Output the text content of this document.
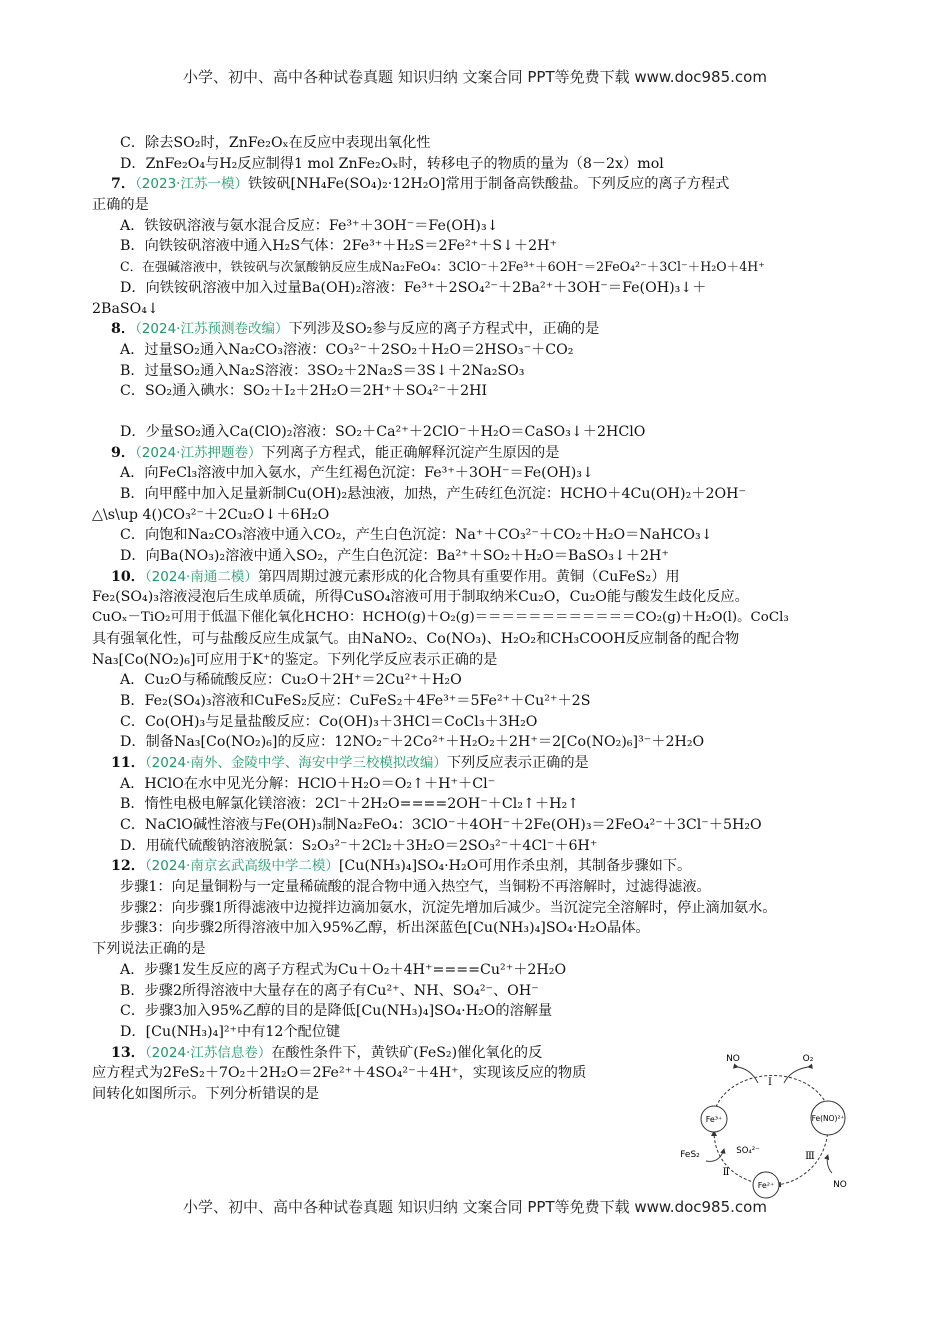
小学、初中、高中各种试卷真题 知识归纳 文案合同 PPT等免费下载 www.doc985.com
C．除去SO₂时，ZnFe₂Oₓ在反应中表现出氧化性
D．ZnFe₂O₄与H₂反应制得1 mol ZnFe₂Oₓ时，转移电子的物质的量为（8－2x）mol
7．（2023·江苏一模）铁铵矾[NH₄Fe(SO₄)₂·12H₂O]常用于制备高铁酸盐。下列反应的离子方程式
正确的是
A．铁铵矾溶液与氨水混合反应：Fe³⁺＋3OH⁻＝Fe(OH)₃↓
B．向铁铵矾溶液中通入H₂S气体：2Fe³⁺＋H₂S＝2Fe²⁺＋S↓＋2H⁺
C．在强碱溶液中，铁铵矾与次氯酸钠反应生成Na₂FeO₄：3ClO⁻＋2Fe³⁺＋6OH⁻＝2FeO₄²⁻＋3Cl⁻＋H₂O＋4H⁺
D．向铁铵矾溶液中加入过量Ba(OH)₂溶液：Fe³⁺＋2SO₄²⁻＋2Ba²⁺＋3OH⁻＝Fe(OH)₃↓＋
2BaSO₄↓
8．（2024·江苏预测卷改编）下列涉及SO₂参与反应的离子方程式中，正确的是
A．过量SO₂通入Na₂CO₃溶液：CO₃²⁻＋2SO₂＋H₂O＝2HSO₃⁻＋CO₂
B．过量SO₂通入Na₂S溶液：3SO₂＋2Na₂S＝3S↓＋2Na₂SO₃
C．SO₂通入碘水：SO₂＋I₂＋2H₂O＝2H⁺＋SO₄²⁻＋2HI
D．少量SO₂通入Ca(ClO)₂溶液：SO₂＋Ca²⁺＋2ClO⁻＋H₂O＝CaSO₃↓＋2HClO
9．（2024·江苏押题卷）下列离子方程式，能正确解释沉淀产生原因的是
A．向FeCl₃溶液中加入氨水，产生红褐色沉淀：Fe³⁺＋3OH⁻＝Fe(OH)₃↓
B．向甲醛中加入足量新制Cu(OH)₂悬浊液，加热，产生砖红色沉淀：HCHO＋4Cu(OH)₂＋2OH⁻
△\s\up 4()CO₃²⁻＋2Cu₂O↓＋6H₂O
C．向饱和Na₂CO₃溶液中通入CO₂，产生白色沉淀：Na⁺＋CO₃²⁻＋CO₂＋H₂O＝NaHCO₃↓
D．向Ba(NO₃)₂溶液中通入SO₂，产生白色沉淀：Ba²⁺＋SO₂＋H₂O＝BaSO₃↓＋2H⁺
10．（2024·南通二模）第四周期过渡元素形成的化合物具有重要作用。黄铜（CuFeS₂）用
Fe₂(SO₄)₃溶液浸泡后生成单质硫，所得CuSO₄溶液可用于制取纳米Cu₂O，Cu₂O能与酸发生歧化反应。
CuOₓ－TiO₂可用于低温下催化氧化HCHO：HCHO(g)＋O₂(g)＝＝＝＝＝＝＝＝＝＝＝＝CO₂(g)＋H₂O(l)。CoCl₃
具有强氧化性，可与盐酸反应生成氯气。由NaNO₂、Co(NO₃)、H₂O₂和CH₃COOH反应制备的配合物
Na₃[Co(NO₂)₆]可应用于K⁺的鉴定。下列化学反应表示正确的是
A．Cu₂O与稀硫酸反应：Cu₂O＋2H⁺＝2Cu²⁺＋H₂O
B．Fe₂(SO₄)₃溶液和CuFeS₂反应：CuFeS₂＋4Fe³⁺＝5Fe²⁺＋Cu²⁺＋2S
C．Co(OH)₃与足量盐酸反应：Co(OH)₃＋3HCl＝CoCl₃＋3H₂O
D．制备Na₃[Co(NO₂)₆]的反应：12NO₂⁻＋2Co²⁺＋H₂O₂＋2H⁺＝2[Co(NO₂)₆]³⁻＋2H₂O
11．（2024·南外、金陵中学、海安中学三校模拟改编）下列反应表示正确的是
A．HClO在水中见光分解：HClO＋H₂O＝O₂↑＋H⁺＋Cl⁻
B．惰性电极电解氯化镁溶液：2Cl⁻＋2H₂O====2OH⁻＋Cl₂↑＋H₂↑
C．NaClO碱性溶液与Fe(OH)₃制Na₂FeO₄：3ClO⁻＋4OH⁻＋2Fe(OH)₃＝2FeO₄²⁻＋3Cl⁻＋5H₂O
D．用硫代硫酸钠溶液脱氯：S₂O₃²⁻＋2Cl₂＋3H₂O＝2SO₃²⁻＋4Cl⁻＋6H⁺
12．（2024·南京玄武高级中学二模）[Cu(NH₃)₄]SO₄·H₂O可用作杀虫剂，其制备步骤如下。
步骤1：向足量铜粉与一定量稀硫酸的混合物中通入热空气，当铜粉不再溶解时，过滤得滤液。
步骤2：向步骤1所得滤液中边搅拌边滴加氨水，沉淀先增加后减少。当沉淀完全溶解时，停止滴加氨水。
步骤3：向步骤2所得溶液中加入95%乙醇，析出深蓝色[Cu(NH₃)₄]SO₄·H₂O晶体。
下列说法正确的是
A．步骤1发生反应的离子方程式为Cu＋O₂＋4H⁺====Cu²⁺＋2H₂O
B．步骤2所得溶液中大量存在的离子有Cu²⁺、NH、SO₄²⁻、OH⁻
C．步骤3加入95%乙醇的目的是降低[Cu(NH₃)₄]SO₄·H₂O的溶解量
D．[Cu(NH₃)₄]²⁺中有12个配位键
13．（2024·江苏信息卷）在酸性条件下，黄铁矿(FeS₂)催化氧化的反
应方程式为2FeS₂＋7O₂＋2H₂O＝2Fe²⁺＋4SO₄²⁻＋4H⁺，实现该反应的物质
间转化如图所示。下列分析错误的是
Fe³⁺	Fe(NO)²⁺
Fe²⁺
NO	O₂
Ⅰ
Ⅱ
Ⅲ
FeS₂	SO₄²⁻
NO
小学、初中、高中各种试卷真题 知识归纳 文案合同 PPT等免费下载 www.doc985.com
